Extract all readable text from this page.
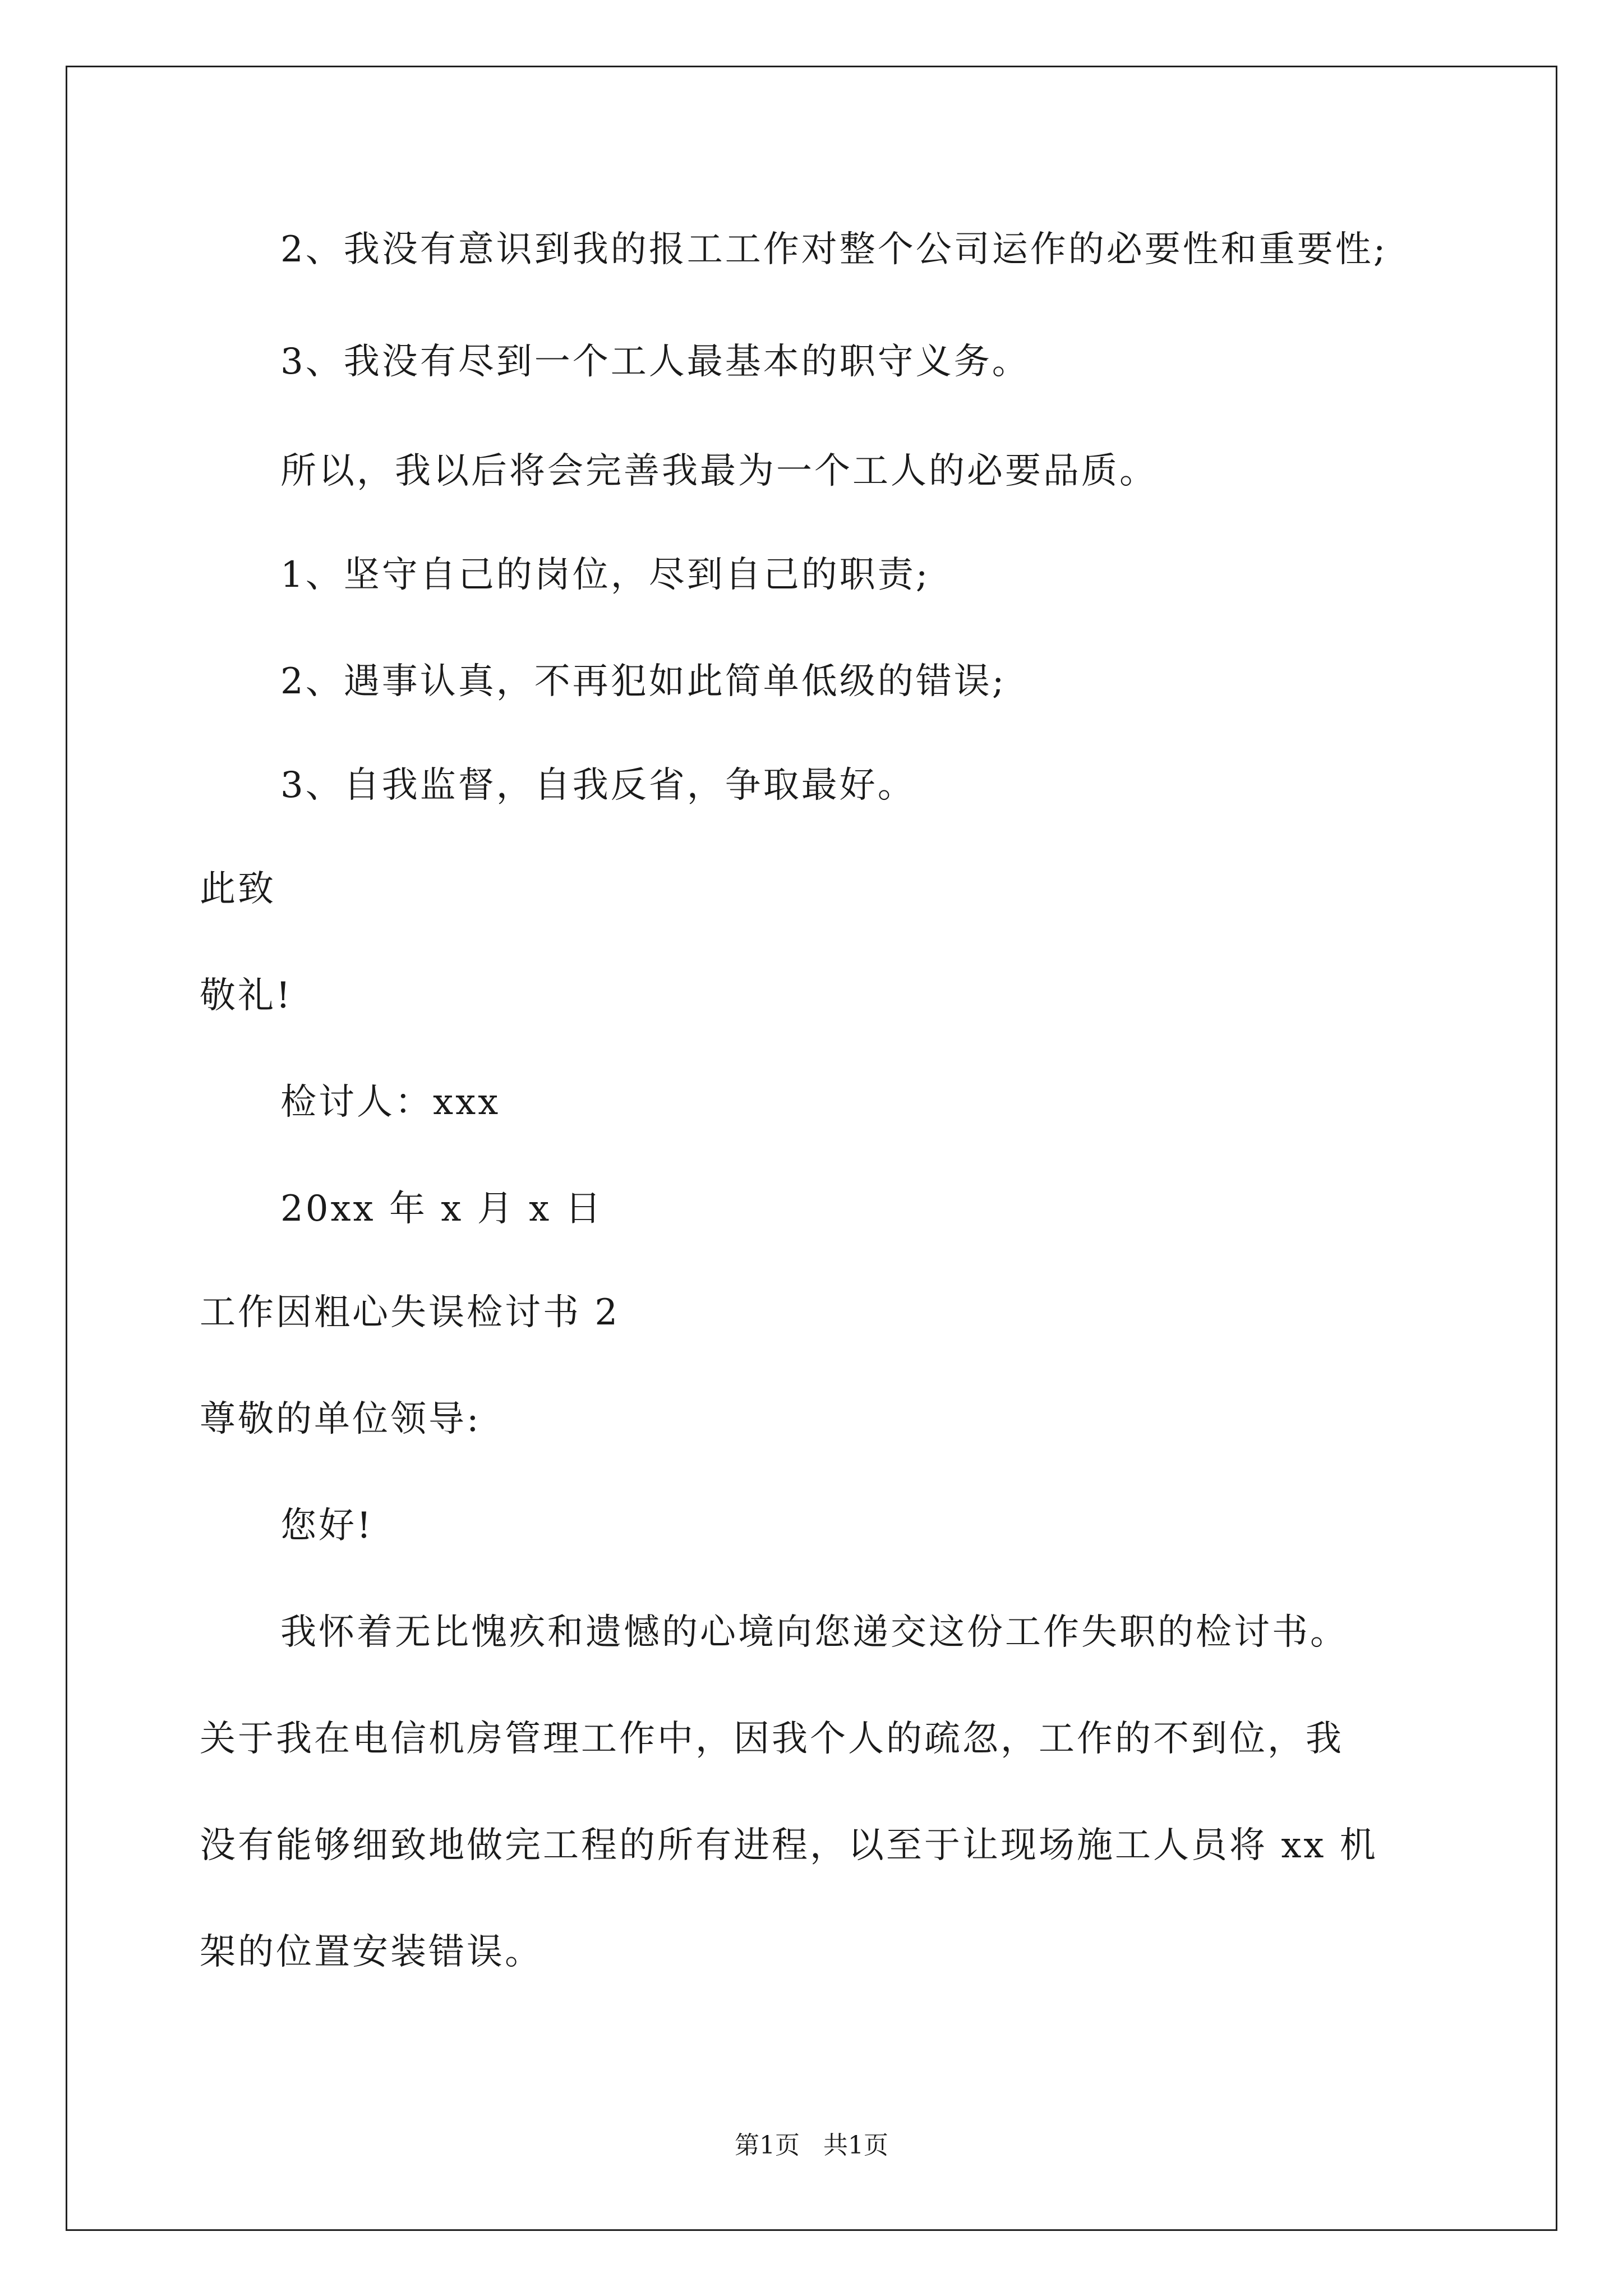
2、我没有意识到我的报工工作对整个公司运作的必要性和重要性;
3、我没有尽到一个工人最基本的职守义务。
所以，我以后将会完善我最为一个工人的必要品质。
1、坚守自己的岗位，尽到自己的职责;
2、遇事认真，不再犯如此简单低级的错误;
3、自我监督，自我反省，争取最好。
此致
敬礼!
检讨人：xxx
20xx 年 x 月 x 日
工作因粗心失误检讨书 2
尊敬的单位领导:
您好!
我怀着无比愧疚和遗憾的心境向您递交这份工作失职的检讨书。
关于我在电信机房管理工作中，因我个人的疏忽，工作的不到位，我
没有能够细致地做完工程的所有进程，以至于让现场施工人员将 xx 机
架的位置安装错误。
第1页   共1页
